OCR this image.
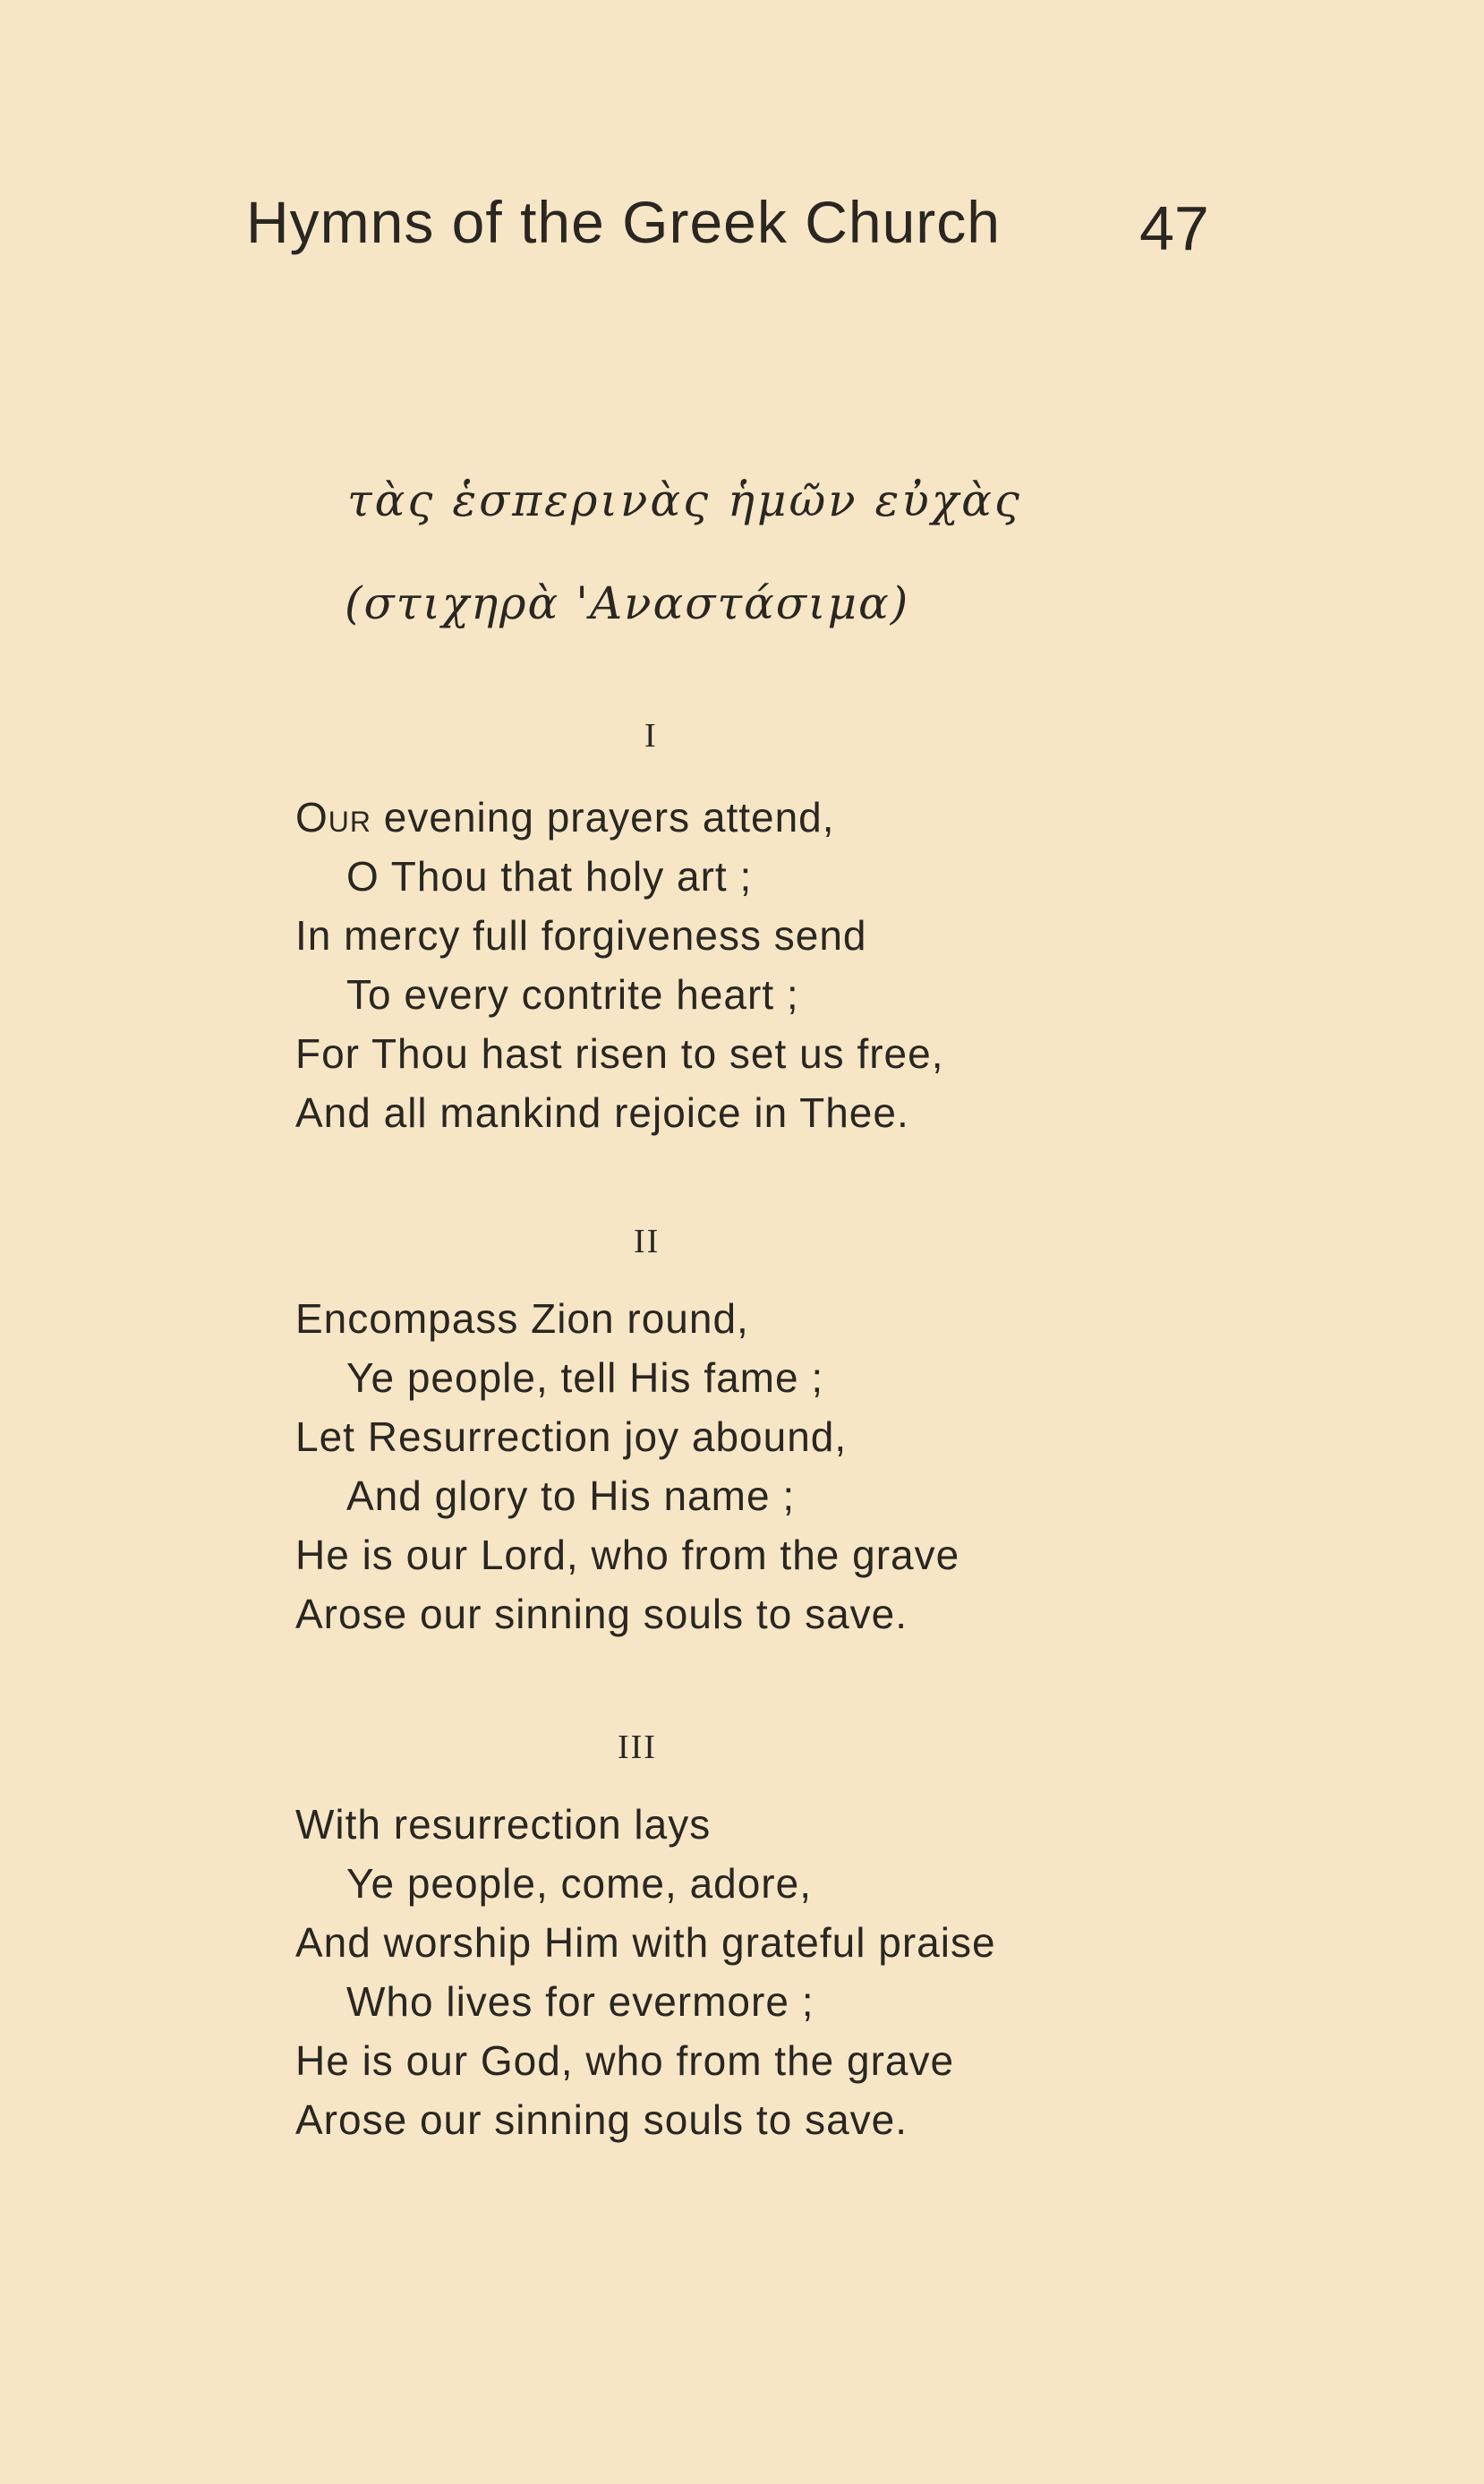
Hymns of the Greek Church 47
τὰς ἑσπερινὰς ἡμῶν εὐχὰς
(στιχηρὰ 'Αναστάσιμα)
I
Our evening prayers attend,
O Thou that holy art ;
In mercy full forgiveness send
To every contrite heart ;
For Thou hast risen to set us free,
And all mankind rejoice in Thee.
II
Encompass Zion round,
Ye people, tell His fame ;
Let Resurrection joy abound,
And glory to His name ;
He is our Lord, who from the grave
Arose our sinning souls to save.
III
With resurrection lays
Ye people, come, adore,
And worship Him with grateful praise
Who lives for evermore ;
He is our God, who from the grave
Arose our sinning souls to save.
